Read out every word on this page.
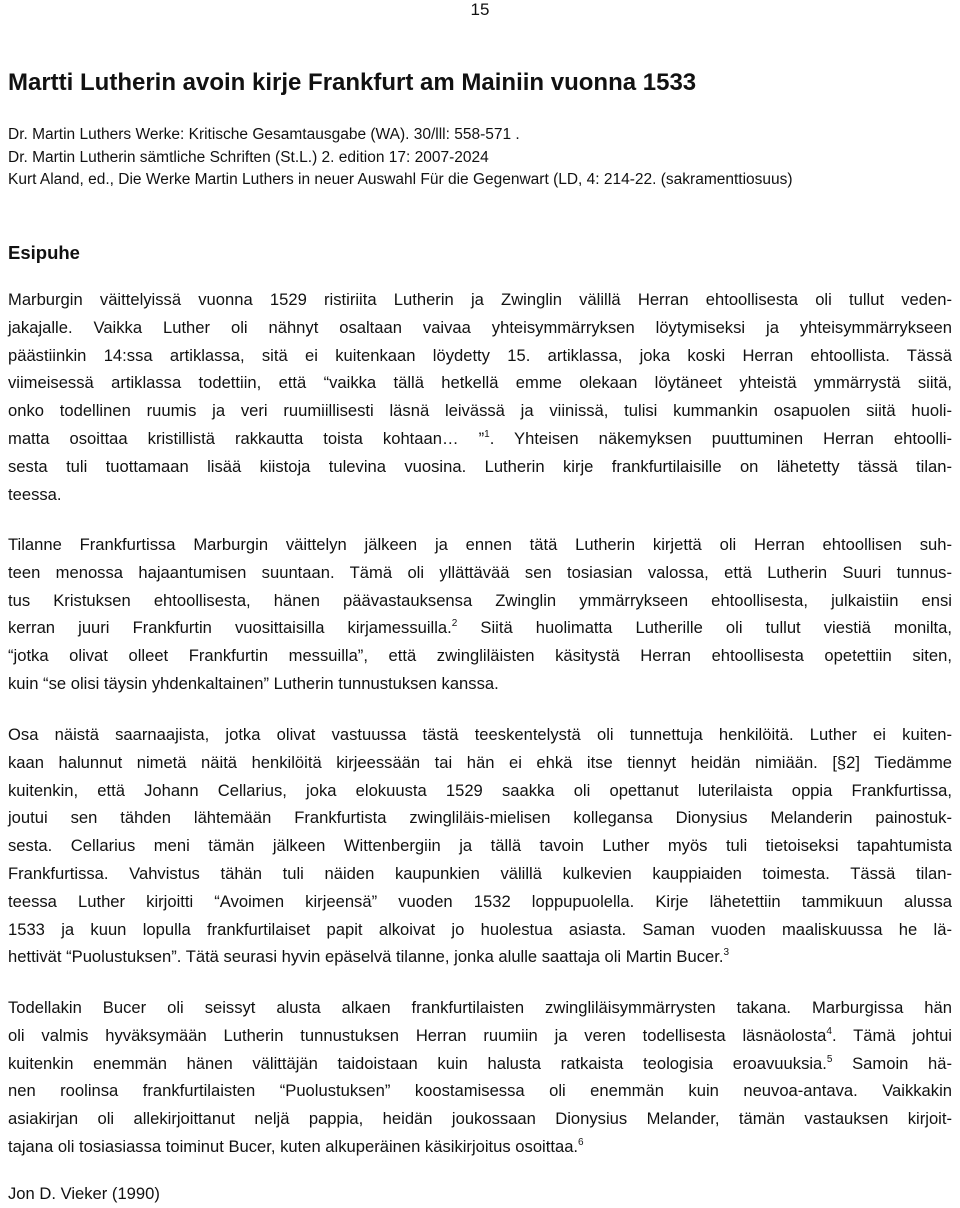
15
Martti Lutherin avoin kirje Frankfurt am Mainiin vuonna 1533
Dr. Martin Luthers Werke: Kritische Gesamtausgabe (WA). 30/lll: 558-571 .
Dr. Martin Lutherin sämtliche Schriften (St.L.) 2. edition 17: 2007-2024
Kurt Aland, ed., Die Werke Martin Luthers in neuer Auswahl Für die Gegenwart (LD, 4: 214-22. (sakramenttiosuus)
Esipuhe
Marburgin väittelyissä vuonna 1529 ristiriita Lutherin ja Zwinglin välillä Herran ehtoollisesta oli tullut veden-
jakajalle. Vaikka Luther oli nähnyt osaltaan vaivaa yhteisymmärryksen löytymiseksi ja yhteisymmärrykseen
päästiinkin 14:ssa artiklassa, sitä ei kuitenkaan löydetty 15. artiklassa, joka koski Herran ehtoollista. Tässä
viimeisessä artiklassa todettiin, että “vaikka tällä hetkellä emme olekaan löytäneet yhteistä ymmärrystä siitä,
onko todellinen ruumis ja veri ruumiillisesti läsnä leivässä ja viinissä, tulisi kummankin osapuolen siitä huoli-
matta osoittaa kristillistä rakkautta toista kohtaan… ”$^1$. Yhteisen näkemyksen puuttuminen Herran ehtoolli-
sesta tuli tuottamaan lisää kiistoja tulevina vuosina. Lutherin kirje frankfurtilaisille on lähetetty tässä tilan-
teessa.
Tilanne Frankfurtissa Marburgin väittelyn jälkeen ja ennen tätä Lutherin kirjettä oli Herran ehtoollisen suh-
teen menossa hajaantumisen suuntaan. Tämä oli yllättävää sen tosiasian valossa, että Lutherin Suuri tunnus-
tus Kristuksen ehtoollisesta, hänen päävastauksensa Zwinglin ymmärrykseen ehtoollisesta, julkaistiin ensi
kerran juuri Frankfurtin vuosittaisilla kirjamessuilla.$^2$ Siitä huolimatta Lutherille oli tullut viestiä monilta,
“jotka olivat olleet Frankfurtin messuilla”, että zwingliläisten käsitystä Herran ehtoollisesta opetettiin siten,
kuin “se olisi täysin yhdenkaltainen” Lutherin tunnustuksen kanssa.
Osa näistä saarnaajista, jotka olivat vastuussa tästä teeskentelystä oli tunnettuja henkilöitä. Luther ei kuiten-
kaan halunnut nimetä näitä henkilöitä kirjeessään tai hän ei ehkä itse tiennyt heidän nimiään. [§2] Tiedämme
kuitenkin, että Johann Cellarius, joka elokuusta 1529 saakka oli opettanut luterilaista oppia Frankfurtissa,
joutui sen tähden lähtemään Frankfurtista zwingliläis-mielisen kollegansa Dionysius Melanderin painostuk-
sesta. Cellarius meni tämän jälkeen Wittenbergiin ja tällä tavoin Luther myös tuli tietoiseksi tapahtumista
Frankfurtissa. Vahvistus tähän tuli näiden kaupunkien välillä kulkevien kauppiaiden toimesta. Tässä tilan-
teessa Luther kirjoitti “Avoimen kirjeensä” vuoden 1532 loppupuolella. Kirje lähetettiin tammikuun alussa
1533 ja kuun lopulla frankfurtilaiset papit alkoivat jo huolestua asiasta. Saman vuoden maaliskuussa he lä-
hettivät “Puolustuksen”. Tätä seurasi hyvin epäselvä tilanne, jonka alulle saattaja oli Martin Bucer.$^3$
Todellakin Bucer oli seissyt alusta alkaen frankfurtilaisten zwingliläisymmärrysten takana. Marburgissa hän
oli valmis hyväksymään Lutherin tunnustuksen Herran ruumiin ja veren todellisesta läsnäolosta$^4$. Tämä johtui
kuitenkin enemmän hänen välittäjän taidoistaan kuin halusta ratkaista teologisia eroavuuksia.$^5$ Samoin hä-
nen roolinsa frankfurtilaisten “Puolustuksen” koostamisessa oli enemmän kuin neuvoa-antava. Vaikkakin
asiakirjan oli allekirjoittanut neljä pappia, heidän joukossaan Dionysius Melander, tämän vastauksen kirjoit-
tajana oli tosiasiassa toiminut Bucer, kuten alkuperäinen käsikirjoitus osoittaa.$^6$
Jon D. Vieker (1990)
